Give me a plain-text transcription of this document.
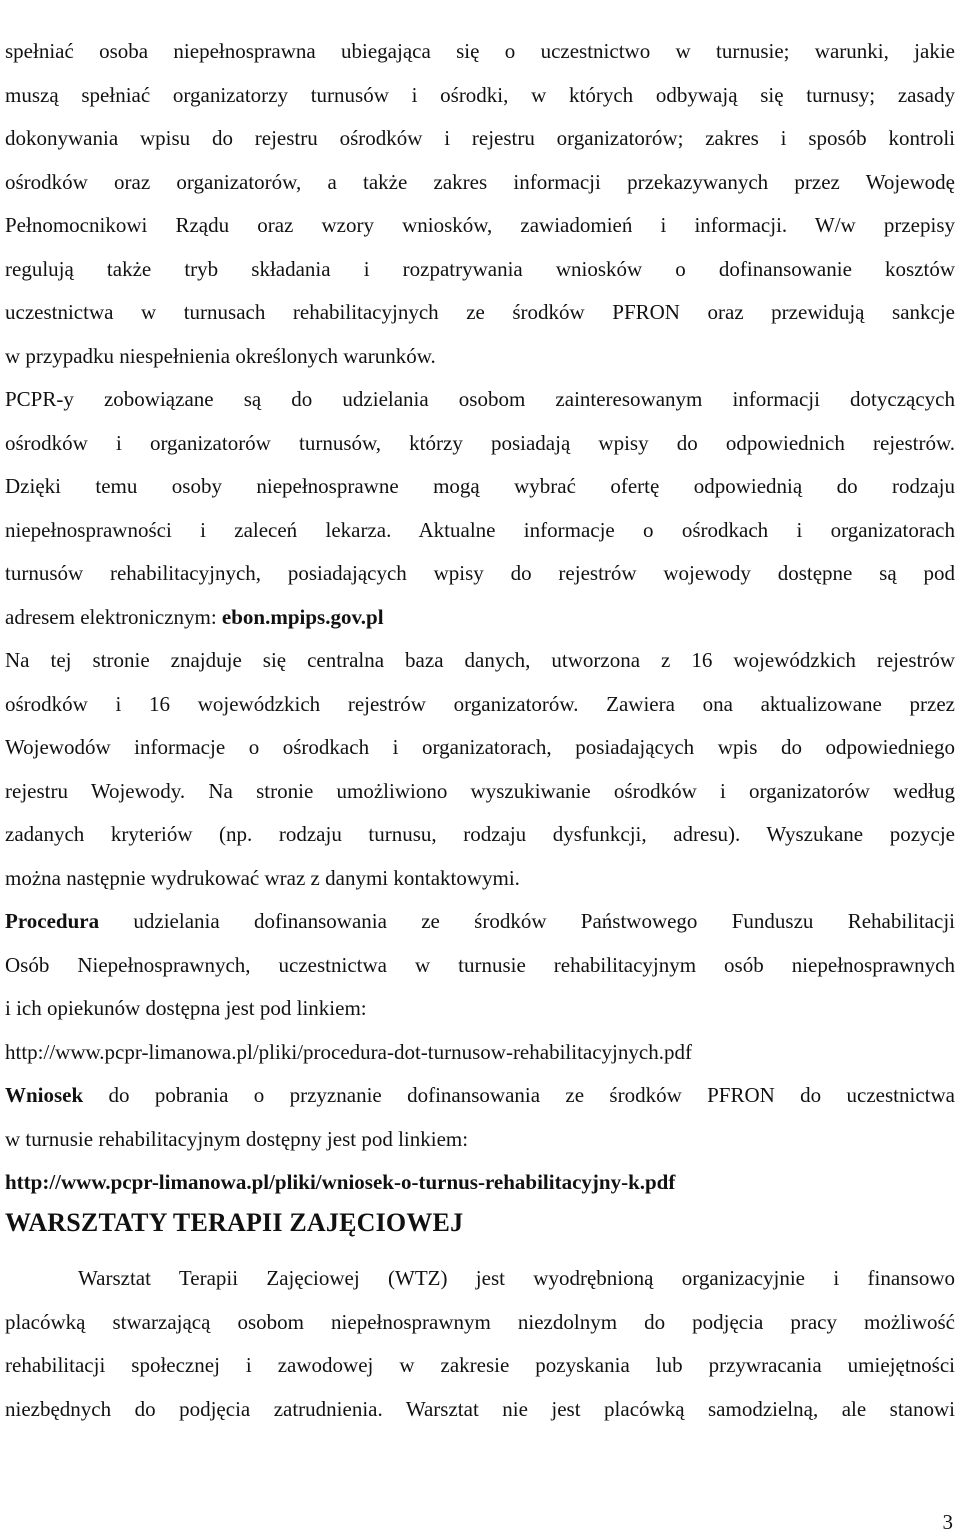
spełniać osoba niepełnosprawna ubiegająca się o uczestnictwo w turnusie; warunki, jakie
muszą spełniać organizatorzy turnusów i ośrodki, w których odbywają się turnusy; zasady
dokonywania wpisu do rejestru ośrodków i rejestru organizatorów; zakres i sposób kontroli
ośrodków oraz organizatorów, a także zakres informacji przekazywanych przez Wojewodę
Pełnomocnikowi Rządu oraz wzory wniosków, zawiadomień i informacji. W/w przepisy
regulują także tryb składania i rozpatrywania wniosków o dofinansowanie kosztów
uczestnictwa w turnusach rehabilitacyjnych ze środków PFRON oraz przewidują sankcje
w przypadku niespełnienia określonych warunków.
PCPR-y zobowiązane są do udzielania osobom zainteresowanym informacji dotyczących
ośrodków i organizatorów turnusów, którzy posiadają wpisy do odpowiednich rejestrów.
Dzięki temu osoby niepełnosprawne mogą wybrać ofertę odpowiednią do rodzaju
niepełnosprawności i zaleceń lekarza. Aktualne informacje o ośrodkach i organizatorach
turnusów rehabilitacyjnych, posiadających wpisy do rejestrów wojewody dostępne są pod
adresem elektronicznym: ebon.mpips.gov.pl
Na tej stronie znajduje się centralna baza danych, utworzona z 16 wojewódzkich rejestrów
ośrodków i 16 wojewódzkich rejestrów organizatorów. Zawiera ona aktualizowane przez
Wojewodów informacje o ośrodkach i organizatorach, posiadających wpis do odpowiedniego
rejestru Wojewody. Na stronie umożliwiono wyszukiwanie ośrodków i organizatorów według
zadanych kryteriów (np. rodzaju turnusu, rodzaju dysfunkcji, adresu). Wyszukane pozycje
można następnie wydrukować wraz z danymi kontaktowymi.
Procedura udzielania dofinansowania ze środków Państwowego Funduszu Rehabilitacji
Osób Niepełnosprawnych, uczestnictwa w turnusie rehabilitacyjnym osób niepełnosprawnych
i ich opiekunów dostępna jest pod linkiem:
http://www.pcpr-limanowa.pl/pliki/procedura-dot-turnusow-rehabilitacyjnych.pdf
Wniosek do pobrania o przyznanie dofinansowania ze środków PFRON do uczestnictwa
w turnusie rehabilitacyjnym dostępny jest pod linkiem:
http://www.pcpr-limanowa.pl/pliki/wniosek-o-turnus-rehabilitacyjny-k.pdf
WARSZTATY TERAPII ZAJĘCIOWEJ
Warsztat Terapii Zajęciowej (WTZ) jest wyodrębnioną organizacyjnie i finansowo
placówką stwarzającą osobom niepełnosprawnym niezdolnym do podjęcia pracy możliwość
rehabilitacji społecznej i zawodowej w zakresie pozyskania lub przywracania umiejętności
niezbędnych do podjęcia zatrudnienia. Warsztat nie jest placówką samodzielną, ale stanowi
3
